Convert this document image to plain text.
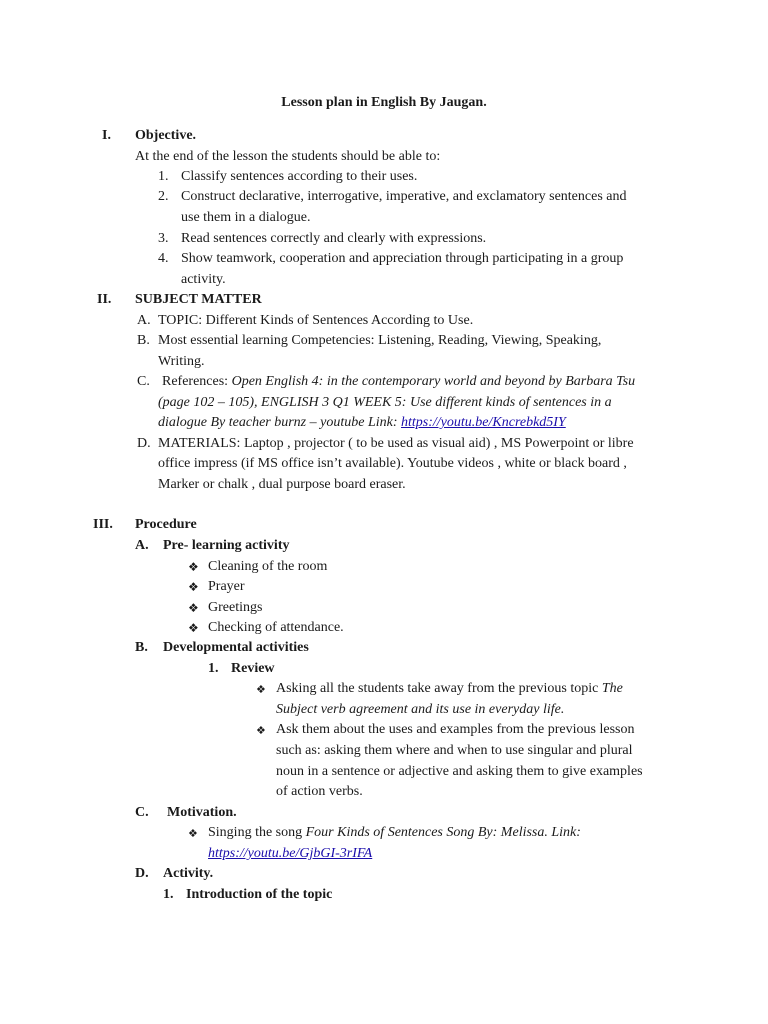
Lesson plan in English By Jaugan.
I. Objective.
At the end of the lesson the students should be able to:
1. Classify sentences according to their uses.
2. Construct declarative, interrogative, imperative, and exclamatory sentences and
use them in a dialogue.
3. Read sentences correctly and clearly with expressions.
4. Show teamwork, cooperation and appreciation through participating in a group
activity.
II. SUBJECT MATTER
A. TOPIC: Different Kinds of Sentences According to Use.
B. Most essential learning Competencies: Listening, Reading, Viewing, Speaking,
Writing.
C. References: Open English 4: in the contemporary world and beyond by Barbara Tsu
(page 102 – 105), ENGLISH 3 Q1 WEEK 5: Use different kinds of sentences in a
dialogue By teacher burnz – youtube Link: https://youtu.be/Kncrebkd5IY
D. MATERIALS: Laptop , projector ( to be used as visual aid) , MS Powerpoint or libre
office impress (if MS office isn’t available). Youtube videos , white or black board ,
Marker or chalk , dual purpose board eraser.
III. Procedure
A. Pre- learning activity
❖ Cleaning of the room
❖ Prayer
❖ Greetings
❖ Checking of attendance.
B. Developmental activities
1. Review
❖ Asking all the students take away from the previous topic The
Subject verb agreement and its use in everyday life.
❖ Ask them about the uses and examples from the previous lesson
such as: asking them where and when to use singular and plural
noun in a sentence or adjective and asking them to give examples
of action verbs.
C. Motivation.
❖ Singing the song Four Kinds of Sentences Song By: Melissa. Link:
https://youtu.be/GjbGI-3rIFA
D. Activity.
1. Introduction of the topic
